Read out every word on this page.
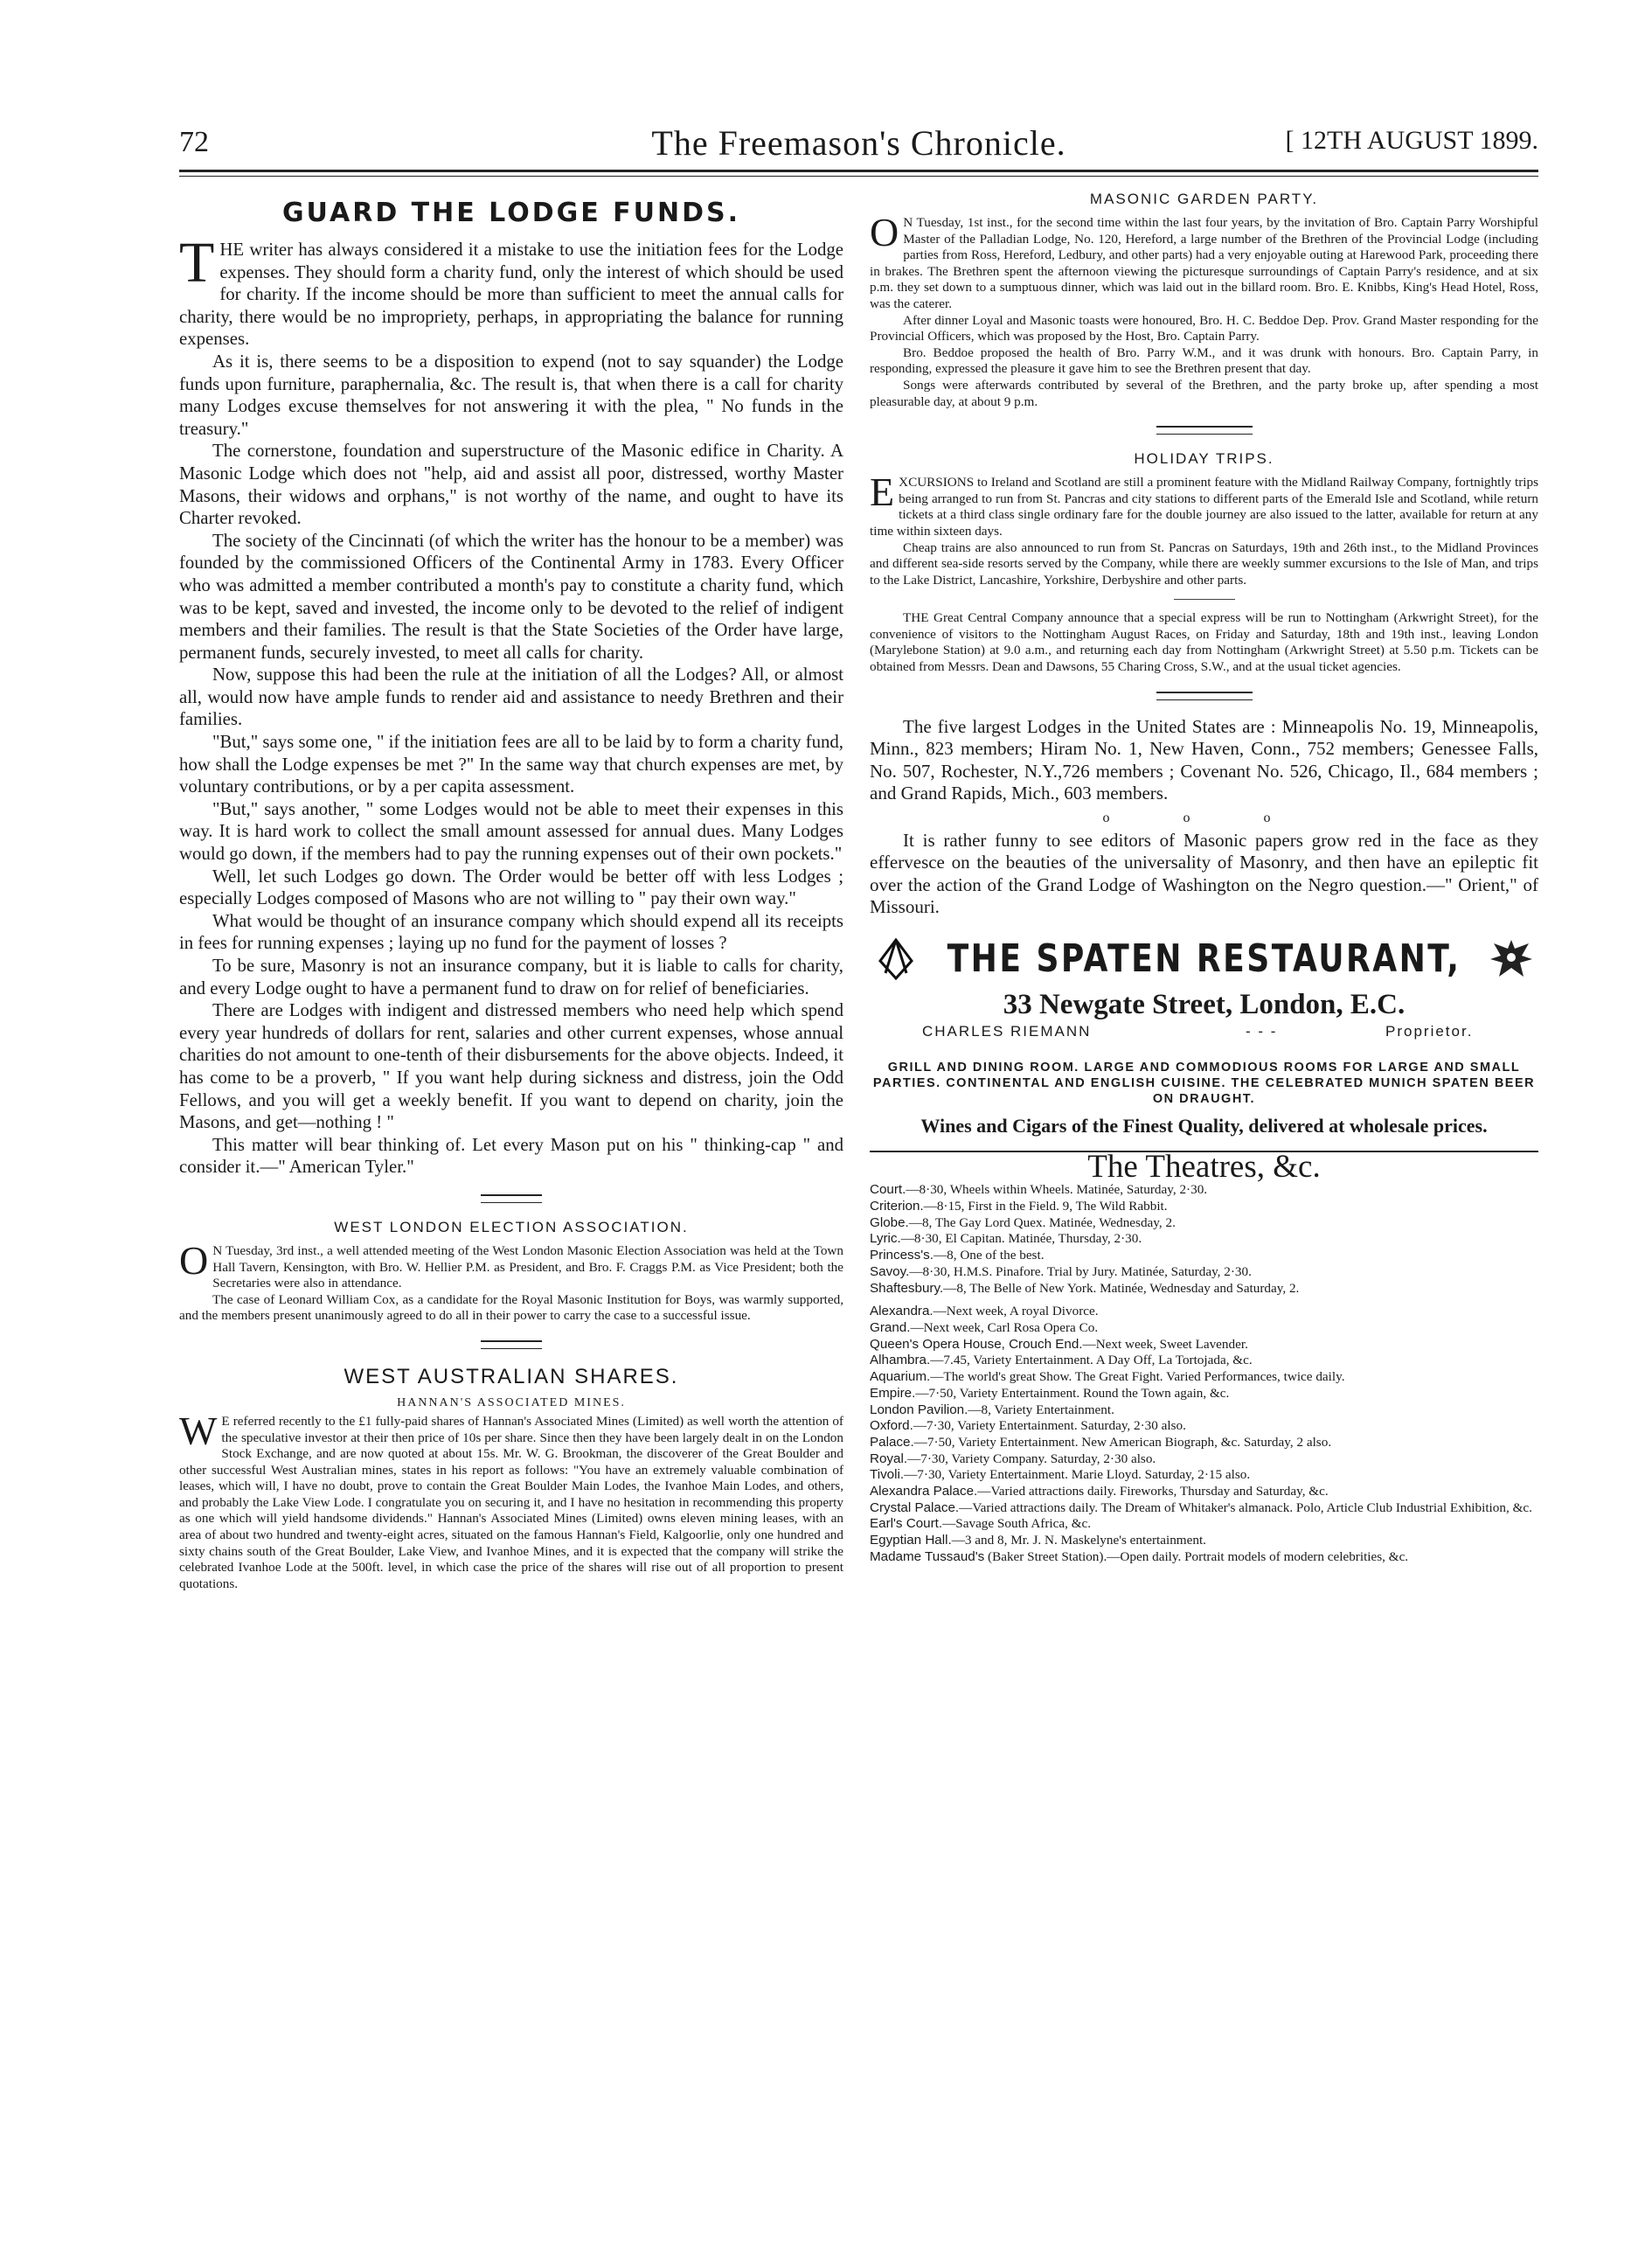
72	The Freemason's Chronicle.	[ 12TH AUGUST 1899.
GUARD THE LODGE FUNDS.

THE writer has always considered it a mistake to use the initiation fees for the Lodge expenses. They should form a charity fund, only the interest of which should be used for charity. If the income should be more than sufficient to meet the annual calls for charity, there would be no impropriety, perhaps, in appropriating the balance for running expenses.

As it is, there seems to be a disposition to expend (not to say squander) the Lodge funds upon furniture, paraphernalia, &c. The result is, that when there is a call for charity many Lodges excuse themselves for not answering it with the plea, " No funds in the treasury."

The cornerstone, foundation and superstructure of the Masonic edifice in Charity. A Masonic Lodge which does not "help, aid and assist all poor, distressed, worthy Master Masons, their widows and orphans," is not worthy of the name, and ought to have its Charter revoked.

The society of the Cincinnati (of which the writer has the honour to be a member) was founded by the commissioned Officers of the Continental Army in 1783. Every Officer who was admitted a member contributed a month's pay to constitute a charity fund, which was to be kept, saved and invested, the income only to be devoted to the relief of indigent members and their families. The result is that the State Societies of the Order have large, permanent funds, securely invested, to meet all calls for charity.

Now, suppose this had been the rule at the initiation of all the Lodges? All, or almost all, would now have ample funds to render aid and assistance to needy Brethren and their families.

"But," says some one, " if the initiation fees are all to be laid by to form a charity fund, how shall the Lodge expenses be met ?" In the same way that church expenses are met, by voluntary contributions, or by a per capita assessment.

"But," says another, " some Lodges would not be able to meet their expenses in this way. It is hard work to collect the small amount assessed for annual dues. Many Lodges would go down, if the members had to pay the running expenses out of their own pockets."

Well, let such Lodges go down. The Order would be better off with less Lodges ; especially Lodges composed of Masons who are not willing to " pay their own way."

What would be thought of an insurance company which should expend all its receipts in fees for running expenses ; laying up no fund for the payment of losses ?

To be sure, Masonry is not an insurance company, but it is liable to calls for charity, and every Lodge ought to have a permanent fund to draw on for relief of beneficiaries.

There are Lodges with indigent and distressed members who need help which spend every year hundreds of dollars for rent, salaries and other current expenses, whose annual charities do not amount to one-tenth of their disbursements for the above objects. Indeed, it has come to be a proverb, " If you want help during sickness and distress, join the Odd Fellows, and you will get a weekly benefit. If you want to depend on charity, join the Masons, and get—nothing ! "

This matter will bear thinking of. Let every Mason put on his " thinking-cap " and consider it.—" American Tyler."

WEST LONDON ELECTION ASSOCIATION.

O N Tuesday, 3rd inst., a well attended meeting of the West London Masonic Election Association was held at the Town Hall Tavern, Kensington, with Bro. W. Hellier P.M. as President, and Bro. F. Craggs P.M. as Vice President; both the Secretaries were also in attendance.

The case of Leonard William Cox, as a candidate for the Royal Masonic Institution for Boys, was warmly supported, and the members present unanimously agreed to do all in their power to carry the case to a successful issue.

WEST AUSTRALIAN SHARES.
HANNAN'S ASSOCIATED MINES.

W E referred recently to the £1 fully-paid shares of Hannan's Associated Mines (Limited) as well worth the attention of the speculative investor at their then price of 10s per share. Since then they have been largely dealt in on the London Stock Exchange, and are now quoted at about 15s. Mr. W. G. Brookman, the discoverer of the Great Boulder and other successful West Australian mines, states in his report as follows: "You have an extremely valuable combination of leases, which will, I have no doubt, prove to contain the Great Boulder Main Lodes, the Ivanhoe Main Lodes, and others, and probably the Lake View Lode. I congratulate you on securing it, and I have no hesitation in recommending this property as one which will yield handsome dividends." Hannan's Associated Mines (Limited) owns eleven mining leases, with an area of about two hundred and twenty-eight acres, situated on the famous Hannan's Field, Kalgoorlie, only one hundred and sixty chains south of the Great Boulder, Lake View, and Ivanhoe Mines, and it is expected that the company will strike the celebrated Ivanhoe Lode at the 500ft. level, in which case the price of the shares will rise out of all proportion to present quotations.

MASONIC GARDEN PARTY.

O N Tuesday, 1st inst., for the second time within the last four years, by the invitation of Bro. Captain Parry Worshipful Master of the Palladian Lodge, No. 120, Hereford, a large number of the Brethren of the Provincial Lodge (including parties from Ross, Hereford, Ledbury, and other parts) had a very enjoyable outing at Harewood Park, proceeding there in brakes. The Brethren spent the afternoon viewing the picturesque surroundings of Captain Parry's residence, and at six p.m. they set down to a sumptuous dinner, which was laid out in the billard room. Bro. E. Knibbs, King's Head Hotel, Ross, was the caterer.

After dinner Loyal and Masonic toasts were honoured, Bro. H. C. Beddoe Dep. Prov. Grand Master responding for the Provincial Officers, which was proposed by the Host, Bro. Captain Parry.

Bro. Beddoe proposed the health of Bro. Parry W.M., and it was drunk with honours. Bro. Captain Parry, in responding, expressed the pleasure it gave him to see the Brethren present that day.

Songs were afterwards contributed by several of the Brethren, and the party broke up, after spending a most pleasurable day, at about 9 p.m.

HOLIDAY TRIPS.

EXCURSIONS to Ireland and Scotland are still a prominent feature with the Midland Railway Company, fortnightly trips being arranged to run from St. Pancras and city stations to different parts of the Emerald Isle and Scotland, while return tickets at a third class single ordinary fare for the double journey are also issued to the latter, available for return at any time within sixteen days.

Cheap trains are also announced to run from St. Pancras on Saturdays, 19th and 26th inst., to the Midland Provinces and different sea-side resorts served by the Company, while there are weekly summer excursions to the Isle of Man, and trips to the Lake District, Lancashire, Yorkshire, Derbyshire and other parts.

THE Great Central Company announce that a special express will be run to Nottingham (Arkwright Street), for the convenience of visitors to the Nottingham August Races, on Friday and Saturday, 18th and 19th inst., leaving London (Marylebone Station) at 9.0 a.m., and returning each day from Nottingham (Arkwright Street) at 5.50 p.m. Tickets can be obtained from Messrs. Dean and Dawsons, 55 Charing Cross, S.W., and at the usual ticket agencies.

The five largest Lodges in the United States are : Minneapolis No. 19, Minneapolis, Minn., 823 members; Hiram No. 1, New Haven, Conn., 752 members; Genessee Falls, No. 507, Rochester, N.Y.,726 members ; Covenant No. 526, Chicago, Il., 684 members ; and Grand Rapids, Mich., 603 members.

o o o

It is rather funny to see editors of Masonic papers grow red in the face as they effervesce on the beauties of the universality of Masonry, and then have an epileptic fit over the action of the Grand Lodge of Washington on the Negro question.—" Orient," of Missouri.

THE SPATEN RESTAURANT,
33 Newgate Street, London, E.C.
CHARLES RIEMANN	- - -	Proprietor.
GRILL AND DINING ROOM. LARGE AND COMMODIOUS ROOMS FOR LARGE AND SMALL PARTIES. CONTINENTAL AND ENGLISH CUISINE. THE CELEBRATED MUNICH SPATEN BEER ON DRAUGHT.
Wines and Cigars of the Finest Quality, delivered at wholesale prices.
The Theatres, &c.
Court.—8·30, Wheels within Wheels. Matinée, Saturday, 2·30.
Criterion.—8·15, First in the Field. 9, The Wild Rabbit.
Globe.—8, The Gay Lord Quex. Matinée, Wednesday, 2.
Lyric.—8·30, El Capitan. Matinée, Thursday, 2·30.
Princess's.—8, One of the best.
Savoy.—8·30, H.M.S. Pinafore. Trial by Jury. Matinée, Saturday, 2·30.
Shaftesbury.—8, The Belle of New York. Matinée, Wednesday and Saturday, 2.
Alexandra.—Next week, A royal Divorce.
Grand.—Next week, Carl Rosa Opera Co.
Queen's Opera House, Crouch End.—Next week, Sweet Lavender.
Alhambra.—7.45, Variety Entertainment. A Day Off, La Tortojada, &c.
Aquarium.—The world's great Show. The Great Fight. Varied Performances, twice daily.
Empire.—7·50, Variety Entertainment. Round the Town again, &c.
London Pavilion.—8, Variety Entertainment.
Oxford.—7·30, Variety Entertainment. Saturday, 2·30 also.
Palace.—7·50, Variety Entertainment. New American Biograph, &c. Saturday, 2 also.
Royal.—7·30, Variety Company. Saturday, 2·30 also.
Tivoli.—7·30, Variety Entertainment. Marie Lloyd. Saturday, 2·15 also.
Alexandra Palace.—Varied attractions daily. Fireworks, Thursday and Saturday, &c.
Crystal Palace.—Varied attractions daily. The Dream of Whitaker's almanack. Polo, Article Club Industrial Exhibition, &c.
Earl's Court.—Savage South Africa, &c.
Egyptian Hall.—3 and 8, Mr. J. N. Maskelyne's entertainment.
Madame Tussaud's (Baker Street Station).—Open daily. Portrait models of modern celebrities, &c.
